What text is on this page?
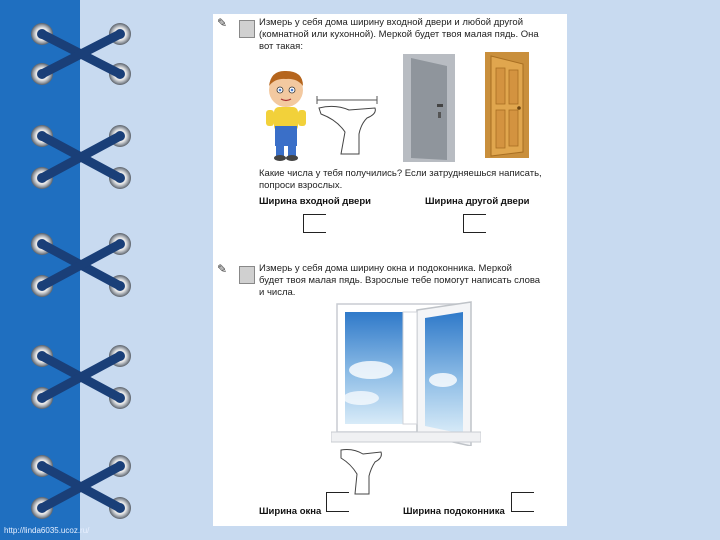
✎	Измерь у себя дома ширину входной двери и любой другой
(комнатной или кухонной). Меркой будет твоя малая пядь. Она
вот такая:
Какие числа у тебя получились? Если затрудняешься написать,
попроси взрослых.
Ширина входной двери	Ширина другой двери
✎	Измерь у себя дома ширину окна и подоконника. Меркой
будет твоя малая пядь. Взрослые тебе помогут написать слова
и числа.
Ширина окна	Ширина подоконника
http://linda6035.ucoz.ru/
